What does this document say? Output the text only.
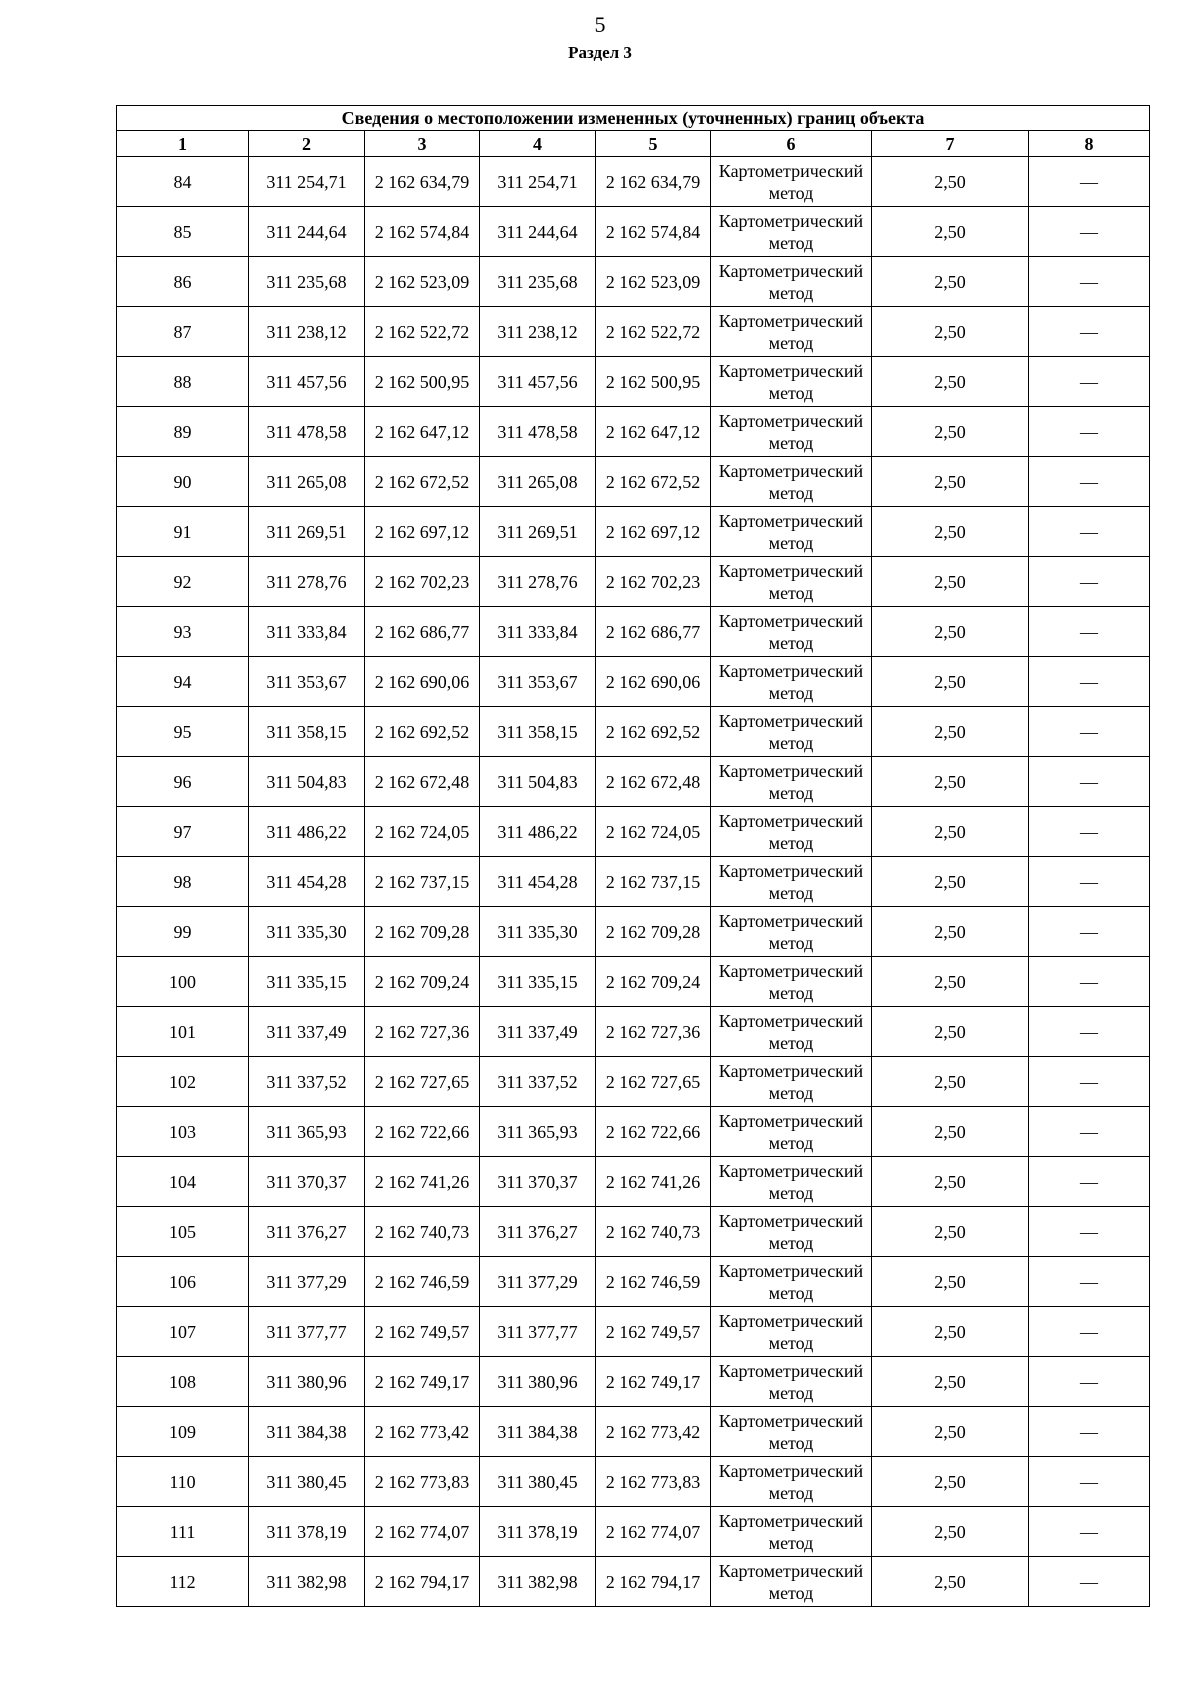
5
Раздел 3
Сведения о местоположении измененных (уточненных) границ объекта							
1	2	3	4	5	6	7	8
84	311 254,71	2 162 634,79	311 254,71	2 162 634,79	Картометрический метод	2,50	—
85	311 244,64	2 162 574,84	311 244,64	2 162 574,84	Картометрический метод	2,50	—
86	311 235,68	2 162 523,09	311 235,68	2 162 523,09	Картометрический метод	2,50	—
87	311 238,12	2 162 522,72	311 238,12	2 162 522,72	Картометрический метод	2,50	—
88	311 457,56	2 162 500,95	311 457,56	2 162 500,95	Картометрический метод	2,50	—
89	311 478,58	2 162 647,12	311 478,58	2 162 647,12	Картометрический метод	2,50	—
90	311 265,08	2 162 672,52	311 265,08	2 162 672,52	Картометрический метод	2,50	—
91	311 269,51	2 162 697,12	311 269,51	2 162 697,12	Картометрический метод	2,50	—
92	311 278,76	2 162 702,23	311 278,76	2 162 702,23	Картометрический метод	2,50	—
93	311 333,84	2 162 686,77	311 333,84	2 162 686,77	Картометрический метод	2,50	—
94	311 353,67	2 162 690,06	311 353,67	2 162 690,06	Картометрический метод	2,50	—
95	311 358,15	2 162 692,52	311 358,15	2 162 692,52	Картометрический метод	2,50	—
96	311 504,83	2 162 672,48	311 504,83	2 162 672,48	Картометрический метод	2,50	—
97	311 486,22	2 162 724,05	311 486,22	2 162 724,05	Картометрический метод	2,50	—
98	311 454,28	2 162 737,15	311 454,28	2 162 737,15	Картометрический метод	2,50	—
99	311 335,30	2 162 709,28	311 335,30	2 162 709,28	Картометрический метод	2,50	—
100	311 335,15	2 162 709,24	311 335,15	2 162 709,24	Картометрический метод	2,50	—
101	311 337,49	2 162 727,36	311 337,49	2 162 727,36	Картометрический метод	2,50	—
102	311 337,52	2 162 727,65	311 337,52	2 162 727,65	Картометрический метод	2,50	—
103	311 365,93	2 162 722,66	311 365,93	2 162 722,66	Картометрический метод	2,50	—
104	311 370,37	2 162 741,26	311 370,37	2 162 741,26	Картометрический метод	2,50	—
105	311 376,27	2 162 740,73	311 376,27	2 162 740,73	Картометрический метод	2,50	—
106	311 377,29	2 162 746,59	311 377,29	2 162 746,59	Картометрический метод	2,50	—
107	311 377,77	2 162 749,57	311 377,77	2 162 749,57	Картометрический метод	2,50	—
108	311 380,96	2 162 749,17	311 380,96	2 162 749,17	Картометрический метод	2,50	—
109	311 384,38	2 162 773,42	311 384,38	2 162 773,42	Картометрический метод	2,50	—
110	311 380,45	2 162 773,83	311 380,45	2 162 773,83	Картометрический метод	2,50	—
111	311 378,19	2 162 774,07	311 378,19	2 162 774,07	Картометрический метод	2,50	—
112	311 382,98	2 162 794,17	311 382,98	2 162 794,17	Картометрический метод	2,50	—
